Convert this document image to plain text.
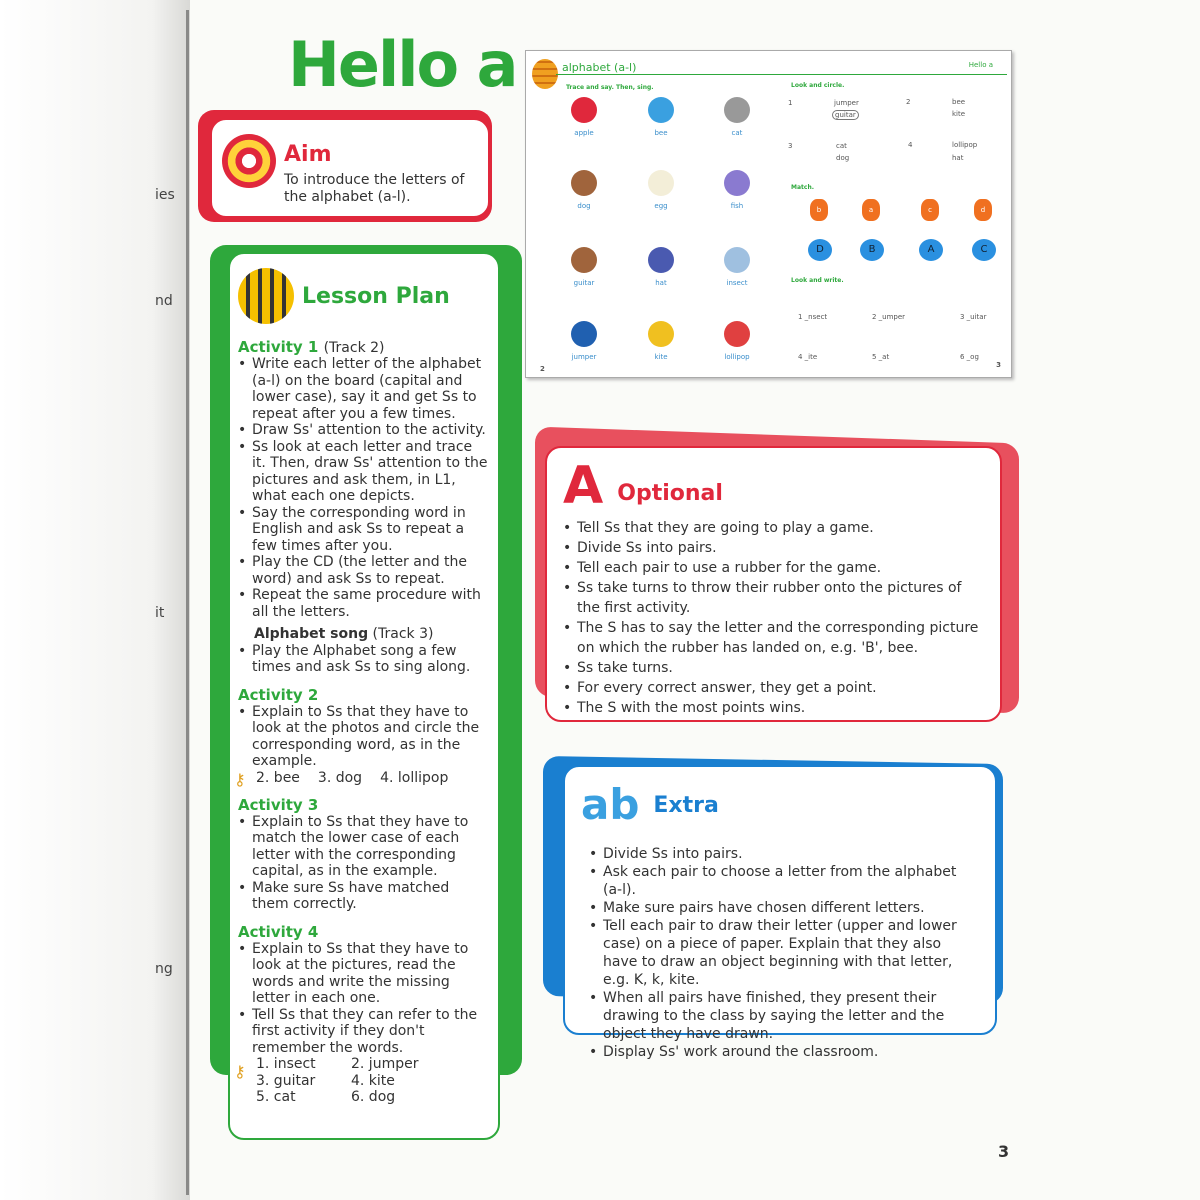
ies
nd
it
ng
Hello a
Aim
To introduce the letters of the alphabet (a-l).
Lesson Plan
Activity 1 (Track 2)
• Write each letter of the alphabet (a-l) on the board (capital and lower case), say it and get Ss to repeat after you a few times.
• Draw Ss' attention to the activity.
• Ss look at each letter and trace it. Then, draw Ss' attention to the pictures and ask them, in L1, what each one depicts.
• Say the corresponding word in English and ask Ss to repeat a few times after you.
• Play the CD (the letter and the word) and ask Ss to repeat.
• Repeat the same procedure with all the letters.
Alphabet song (Track 3)
• Play the Alphabet song a few times and ask Ss to sing along.
Activity 2
• Explain to Ss that they have to look at the photos and circle the corresponding word, as in the example.
⚷ 2. bee 3. dog 4. lollipop
Activity 3
• Explain to Ss that they have to match the lower case of each letter with the corresponding capital, as in the example.
• Make sure Ss have matched them correctly.
Activity 4
• Explain to Ss that they have to look at the pictures, read the words and write the missing letter in each one.
• Tell Ss that they can refer to the first activity if they don't remember the words.
⚷ 1. insect	2. jumper
3. guitar	4. kite
5. cat	6. dog
alphabet (a-l)	Hello a
Trace and say. Then, sing.
apple	bee	cat
dog	egg	fish
guitar	hat	insect
jumper	kite	lollipop
Look and circle.
1	jumper
guitar
2	bee
kite
3	cat
dog
4	lollipop
hat
Match.
b
D
a
B
c
A
d
C
Look and write.
1 _nsect	2 _umper	3 _uitar
4 _ite	5 _at	6 _og
2	3
A Optional
• Tell Ss that they are going to play a game.
• Divide Ss into pairs.
• Tell each pair to use a rubber for the game.
• Ss take turns to throw their rubber onto the pictures of the first activity.
• The S has to say the letter and the corresponding picture on which the rubber has landed on, e.g. 'B', bee.
• Ss take turns.
• For every correct answer, they get a point.
• The S with the most points wins.
ab Extra
• Divide Ss into pairs.
• Ask each pair to choose a letter from the alphabet (a-l).
• Make sure pairs have chosen different letters.
• Tell each pair to draw their letter (upper and lower case) on a piece of paper. Explain that they also have to draw an object beginning with that letter, e.g. K, k, kite.
• When all pairs have finished, they present their drawing to the class by saying the letter and the object they have drawn.
• Display Ss' work around the classroom.
3
